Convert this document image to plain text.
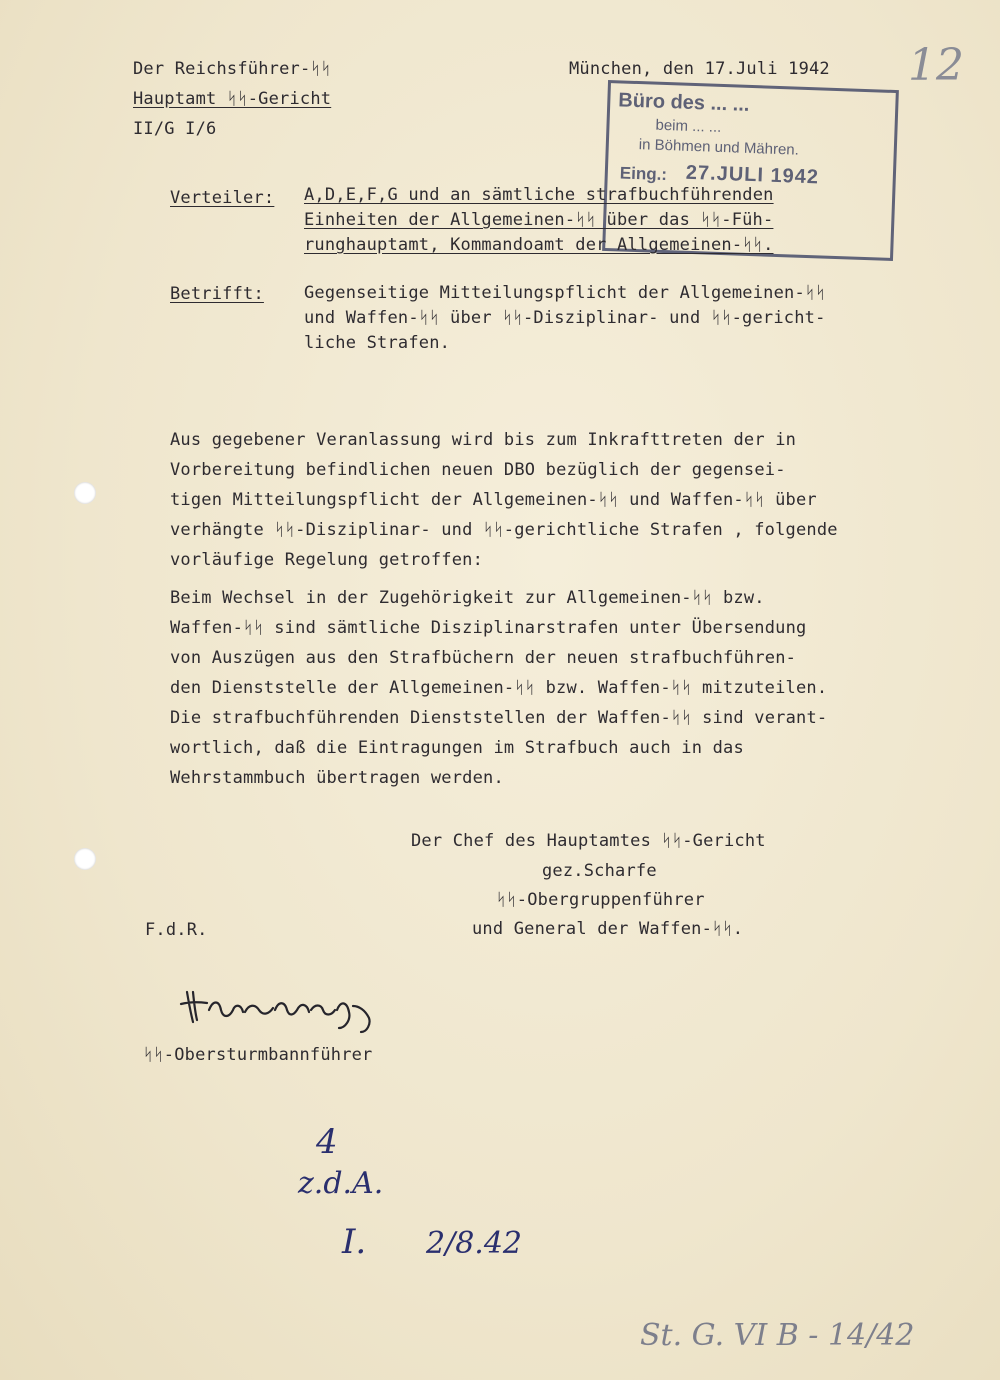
Der Reichsführer-ᛋᛋ
Hauptamt ᛋᛋ-Gericht
II/G I/6
München, den 17.Juli 1942 12
Büro des ... ...
beim ... ...
in Böhmen und Mähren.
Eing.: 27.JULI 1942
Verteiler: A,D,E,F,G und an sämtliche strafbuchführenden
Einheiten der Allgemeinen-ᛋᛋ über das ᛋᛋ-Füh-
runghauptamt, Kommandoamt der Allgemeinen-ᛋᛋ.
Betrifft: Gegenseitige Mitteilungspflicht der Allgemeinen-ᛋᛋ
und Waffen-ᛋᛋ über ᛋᛋ-Disziplinar- und ᛋᛋ-gericht-
liche Strafen.
Aus gegebener Veranlassung wird bis zum Inkrafttreten der in
Vorbereitung befindlichen neuen DBO bezüglich der gegensei-
tigen Mitteilungspflicht der Allgemeinen-ᛋᛋ und Waffen-ᛋᛋ über
verhängte ᛋᛋ-Disziplinar- und ᛋᛋ-gerichtliche Strafen , folgende
vorläufige Regelung getroffen:
Beim Wechsel in der Zugehörigkeit zur Allgemeinen-ᛋᛋ bzw.
Waffen-ᛋᛋ sind sämtliche Disziplinarstrafen unter Übersendung
von Auszügen aus den Strafbüchern der neuen strafbuchführen-
den Dienststelle der Allgemeinen-ᛋᛋ bzw. Waffen-ᛋᛋ mitzuteilen.
Die strafbuchführenden Dienststellen der Waffen-ᛋᛋ sind verant-
wortlich, daß die Eintragungen im Strafbuch auch in das
Wehrstammbuch übertragen werden.
Der Chef des Hauptamtes ᛋᛋ-Gericht
gez.Scharfe
ᛋᛋ-Obergruppenführer
und General der Waffen-ᛋᛋ.
F.d.R.
ᛋᛋ-Obersturmbannführer
4
z.d.A.
I. 2/8.42
St. G. VI B - 14/42
